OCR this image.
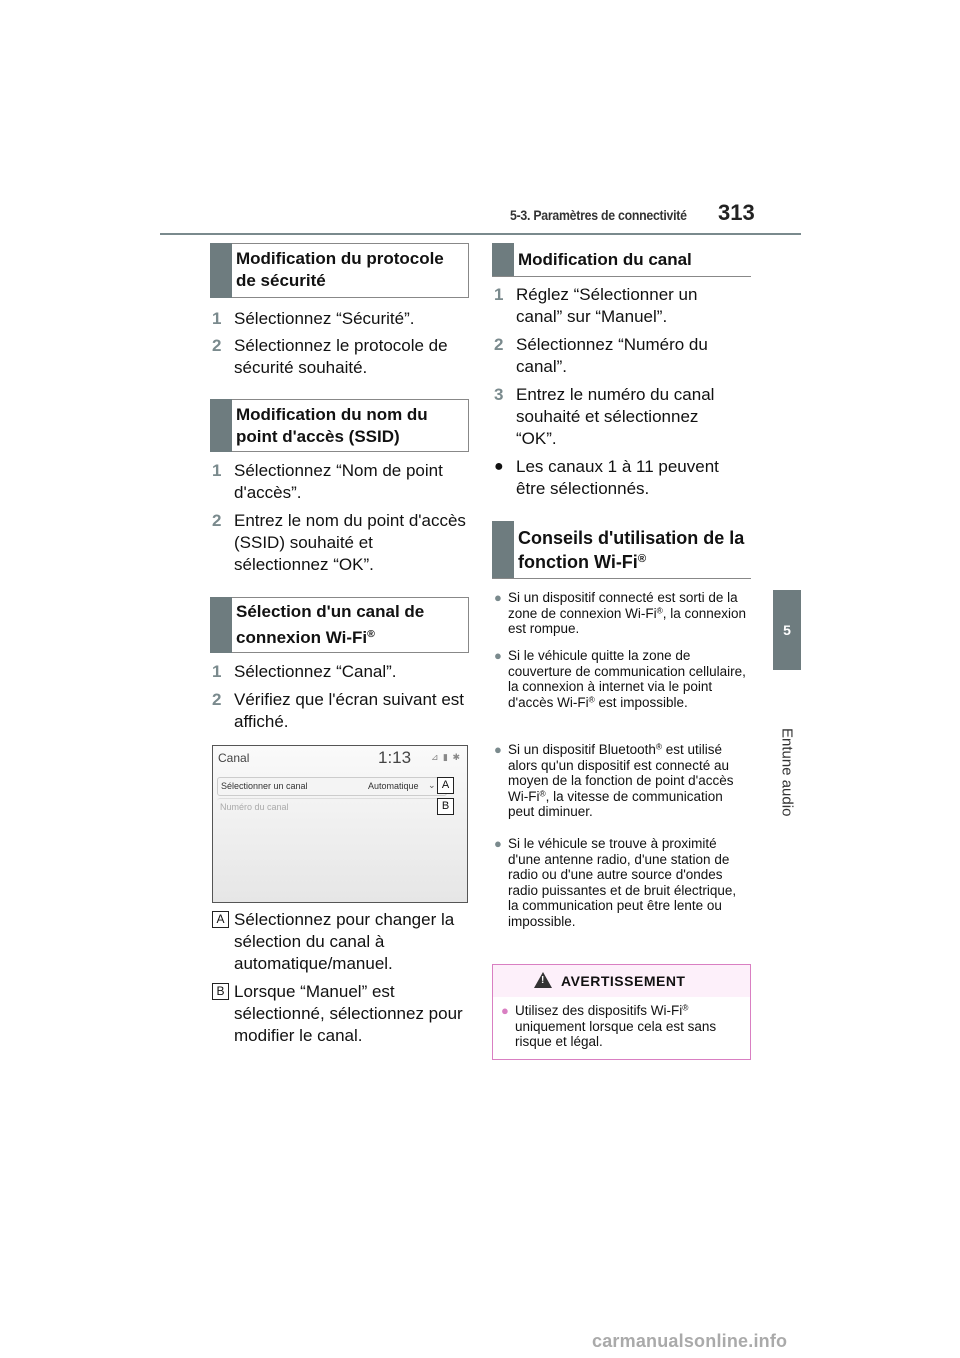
5-3. Paramètres de connectivité 313
5
Entune audio
Modification du protocole de sécurité
1 Sélectionnez “Sécurité”.
2 Sélectionnez le protocole de sécurité souhaité.
Modification du nom du point d'accès (SSID)
1 Sélectionnez “Nom de point d'accès”.
2 Entrez le nom du point d'accès (SSID) souhaité et sélectionnez “OK”.
Sélection d'un canal de connexion Wi-Fi®
1 Sélectionnez “Canal”.
2 Vérifiez que l'écran suivant est affiché.
Canal	1:13 ⊿ ▮ ✱
Sélectionner un canal	Automatique ⌄
Numéro du canal
A
B
A Sélectionnez pour changer la sélection du canal à automatique/manuel.
B Lorsque “Manuel” est sélectionné, sélectionnez pour modifier le canal.
Modification du canal
1 Réglez “Sélectionner un canal” sur “Manuel”.
2 Sélectionnez “Numéro du canal”.
3 Entrez le numéro du canal souhaité et sélectionnez “OK”.
● Les canaux 1 à 11 peuvent être sélectionnés.
Conseils d'utilisation de la fonction Wi-Fi®
● Si un dispositif connecté est sorti de la zone de connexion Wi-Fi®, la connexion est rompue.
● Si le véhicule quitte la zone de couverture de communication cellulaire, la connexion à internet via le point d'accès Wi-Fi® est impossible.
● Si un dispositif Bluetooth® est utilisé alors qu'un dispositif est connecté au moyen de la fonction de point d'accès Wi-Fi®, la vitesse de communication peut diminuer.
● Si le véhicule se trouve à proximité d'une antenne radio, d'une station de radio ou d'une autre source d'ondes radio puissantes et de bruit électrique, la communication peut être lente ou impossible.
! AVERTISSEMENT
● Utilisez des dispositifs Wi-Fi® uniquement lorsque cela est sans risque et légal.
carmanualsonline.info
